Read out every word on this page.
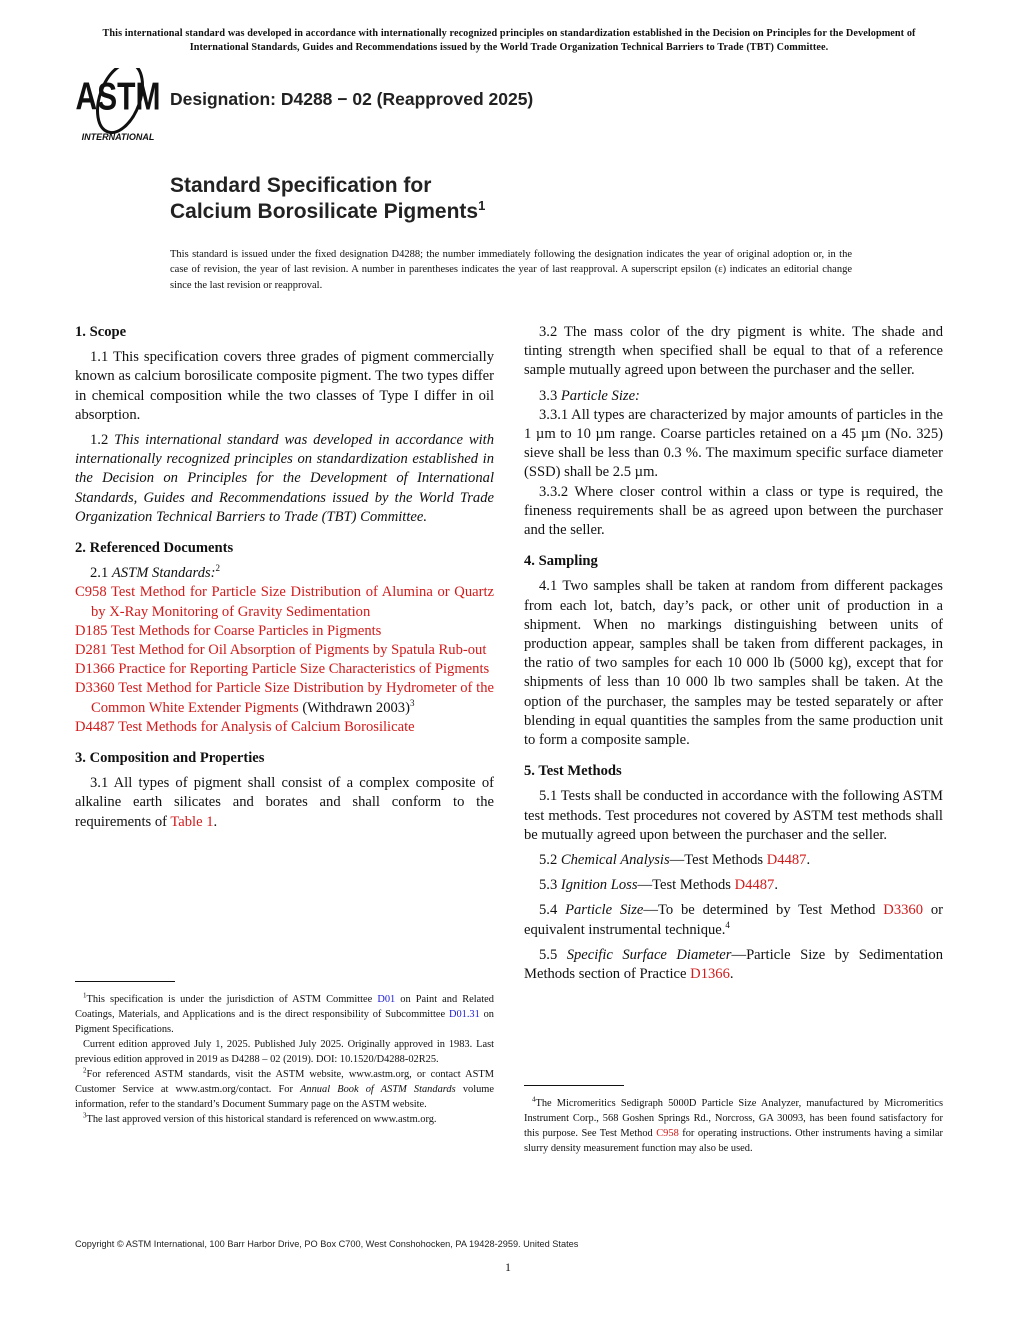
This international standard was developed in accordance with internationally recognized principles on standardization established in the Decision on Principles for the Development of International Standards, Guides and Recommendations issued by the World Trade Organization Technical Barriers to Trade (TBT) Committee.
ASTM
INTERNATIONAL
Designation: D4288 − 02 (Reapproved 2025)
Standard Specification for
Calcium Borosilicate Pigments$^1$
This standard is issued under the fixed designation D4288; the number immediately following the designation indicates the year of original adoption or, in the case of revision, the year of last revision. A number in parentheses indicates the year of last reapproval. A superscript epsilon (ε) indicates an editorial change since the last revision or reapproval.
1. Scope

1.1 This specification covers three grades of pigment commercially known as calcium borosilicate composite pigment. The two types differ in chemical composition while the two classes of Type I differ in oil absorption.

1.2 This international standard was developed in accordance with internationally recognized principles on standardization established in the Decision on Principles for the Development of International Standards, Guides and Recommendations issued by the World Trade Organization Technical Barriers to Trade (TBT) Committee.

2. Referenced Documents

2.1 ASTM Standards:$^2$

C958 Test Method for Particle Size Distribution of Alumina or Quartz by X-Ray Monitoring of Gravity Sedimentation

D185 Test Methods for Coarse Particles in Pigments

D281 Test Method for Oil Absorption of Pigments by Spatula Rub-out

D1366 Practice for Reporting Particle Size Characteristics of Pigments

D3360 Test Method for Particle Size Distribution by Hydrometer of the Common White Extender Pigments (Withdrawn 2003)$^3$

D4487 Test Methods for Analysis of Calcium Borosilicate

3. Composition and Properties

3.1 All types of pigment shall consist of a complex composite of alkaline earth silicates and borates and shall conform to the requirements of Table 1.

3.2 The mass color of the dry pigment is white. The shade and tinting strength when specified shall be equal to that of a reference sample mutually agreed upon between the purchaser and the seller.

3.3 Particle Size:

3.3.1 All types are characterized by major amounts of particles in the 1 µm to 10 µm range. Coarse particles retained on a 45 µm (No. 325) sieve shall be less than 0.3 %. The maximum specific surface diameter (SSD) shall be 2.5 µm.

3.3.2 Where closer control within a class or type is required, the fineness requirements shall be as agreed upon between the purchaser and the seller.

4. Sampling

4.1 Two samples shall be taken at random from different packages from each lot, batch, day’s pack, or other unit of production in a shipment. When no markings distinguishing between units of production appear, samples shall be taken from different packages, in the ratio of two samples for each 10 000 lb (5000 kg), except that for shipments of less than 10 000 lb two samples shall be taken. At the option of the purchaser, the samples may be tested separately or after blending in equal quantities the samples from the same production unit to form a composite sample.

5. Test Methods

5.1 Tests shall be conducted in accordance with the following ASTM test methods. Test procedures not covered by ASTM test methods shall be mutually agreed upon between the purchaser and the seller.

5.2 Chemical Analysis—Test Methods D4487.

5.3 Ignition Loss—Test Methods D4487.

5.4 Particle Size—To be determined by Test Method D3360 or equivalent instrumental technique.$^4$

5.5 Specific Surface Diameter—Particle Size by Sedimentation Methods section of Practice D1366.

$^1$This specification is under the jurisdiction of ASTM Committee D01 on Paint and Related Coatings, Materials, and Applications and is the direct responsibility of Subcommittee D01.31 on Pigment Specifications.

Current edition approved July 1, 2025. Published July 2025. Originally approved in 1983. Last previous edition approved in 2019 as D4288 – 02 (2019). DOI: 10.1520/D4288-02R25.

$^2$For referenced ASTM standards, visit the ASTM website, www.astm.org, or contact ASTM Customer Service at www.astm.org/contact. For Annual Book of ASTM Standards volume information, refer to the standard’s Document Summary page on the ASTM website.

$^3$The last approved version of this historical standard is referenced on www.astm.org.

$^4$The Micromeritics Sedigraph 5000D Particle Size Analyzer, manufactured by Micromeritics Instrument Corp., 568 Goshen Springs Rd., Norcross, GA 30093, has been found satisfactory for this purpose. See Test Method C958 for operating instructions. Other instruments having a similar slurry density measurement function may also be used.

Copyright © ASTM International, 100 Barr Harbor Drive, PO Box C700, West Conshohocken, PA 19428-2959. United States
1
